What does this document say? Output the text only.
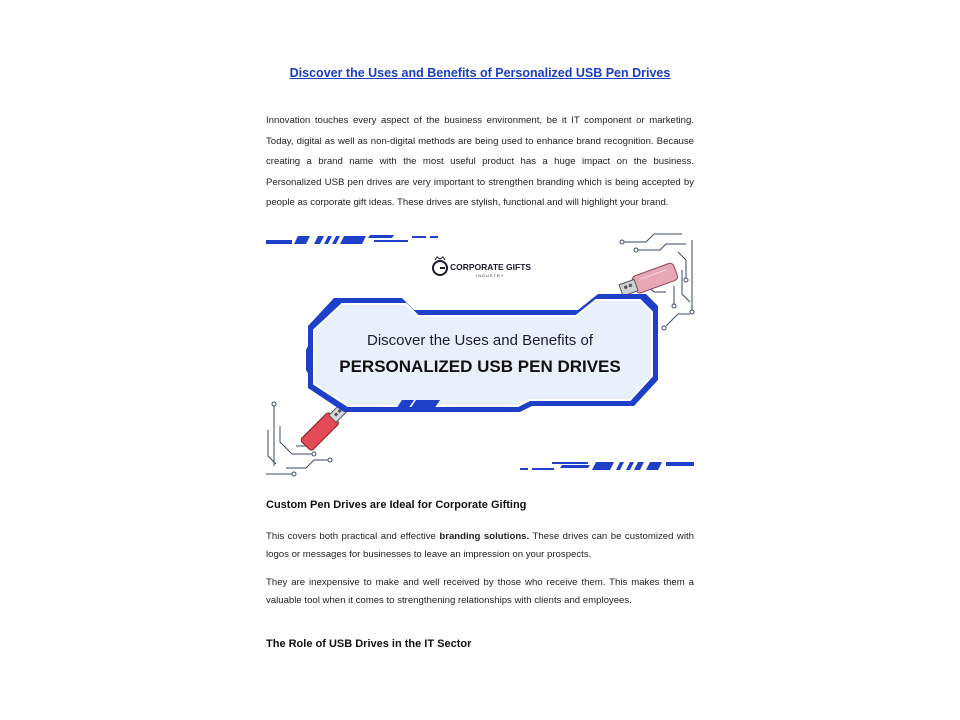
Discover the Uses and Benefits of Personalized USB Pen Drives
Innovation touches every aspect of the business environment, be it IT component or marketing. Today, digital as well as non-digital methods are being used to enhance brand recognition. Because creating a brand name with the most useful product has a huge impact on the business. Personalized USB pen drives are very important to strengthen branding which is being accepted by people as corporate gift ideas. These drives are stylish, functional and will highlight your brand.
CORPORATE GIFTS
INDUSTRY
Discover the Uses and Benefits of
PERSONALIZED USB PEN DRIVES
Custom Pen Drives are Ideal for Corporate Gifting
This covers both practical and effective branding solutions. These drives can be customized with logos or messages for businesses to leave an impression on your prospects.
They are inexpensive to make and well received by those who receive them. This makes them a valuable tool when it comes to strengthening relationships with clients and employees.
The Role of USB Drives in the IT Sector
